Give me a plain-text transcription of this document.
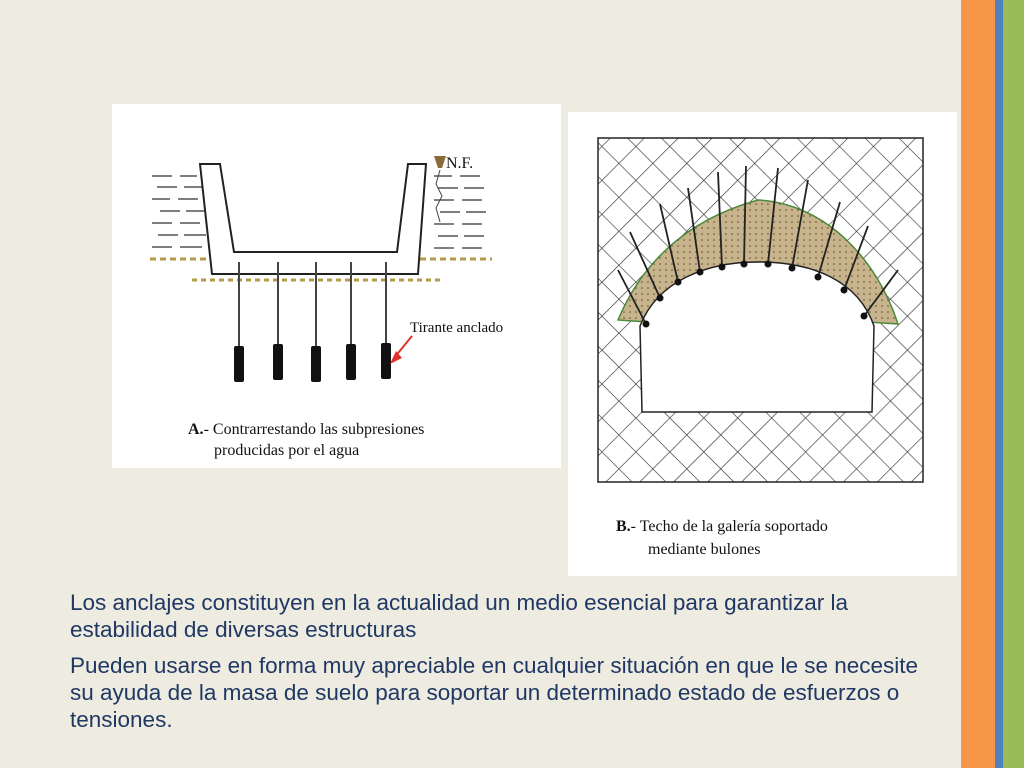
N.F.
Tirante anclado
A.- Contrarrestando las subpresiones
producidas por el agua
B.- Techo de la galería soportado
mediante bulones
Los anclajes constituyen en la actualidad un medio esencial para garantizar la estabilidad de diversas estructuras
Pueden usarse en forma muy apreciable en cualquier situación en que le se necesite su ayuda de la masa de suelo para soportar un determinado estado de esfuerzos o tensiones.
